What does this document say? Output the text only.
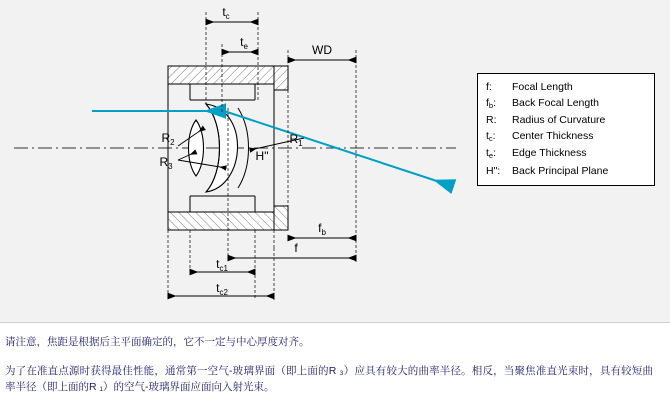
$t_c$
$t_e$	WD
$R_1$
$R_2$
$R_3$
H"
$f_b$
f
$t_{c1}$
$t_{c2}$
f:	Focal Length
$f_b$:	Back Focal Length
R:	Radius of Curvature
$t_c$:	Center Thickness
$t_e$:	Edge Thickness
H":	Back Principal Plane
请注意，焦距是根据后主平面确定的，它不一定与中心厚度对齐。
为了在准直点源时获得最佳性能，通常第一空气-玻璃界面（即上面的R ₃）应具有较大的曲率半径。相反，当聚焦准直光束时，具有较短曲率半径（即上面的R ₁）的空气-玻璃界面应面向入射光束。
